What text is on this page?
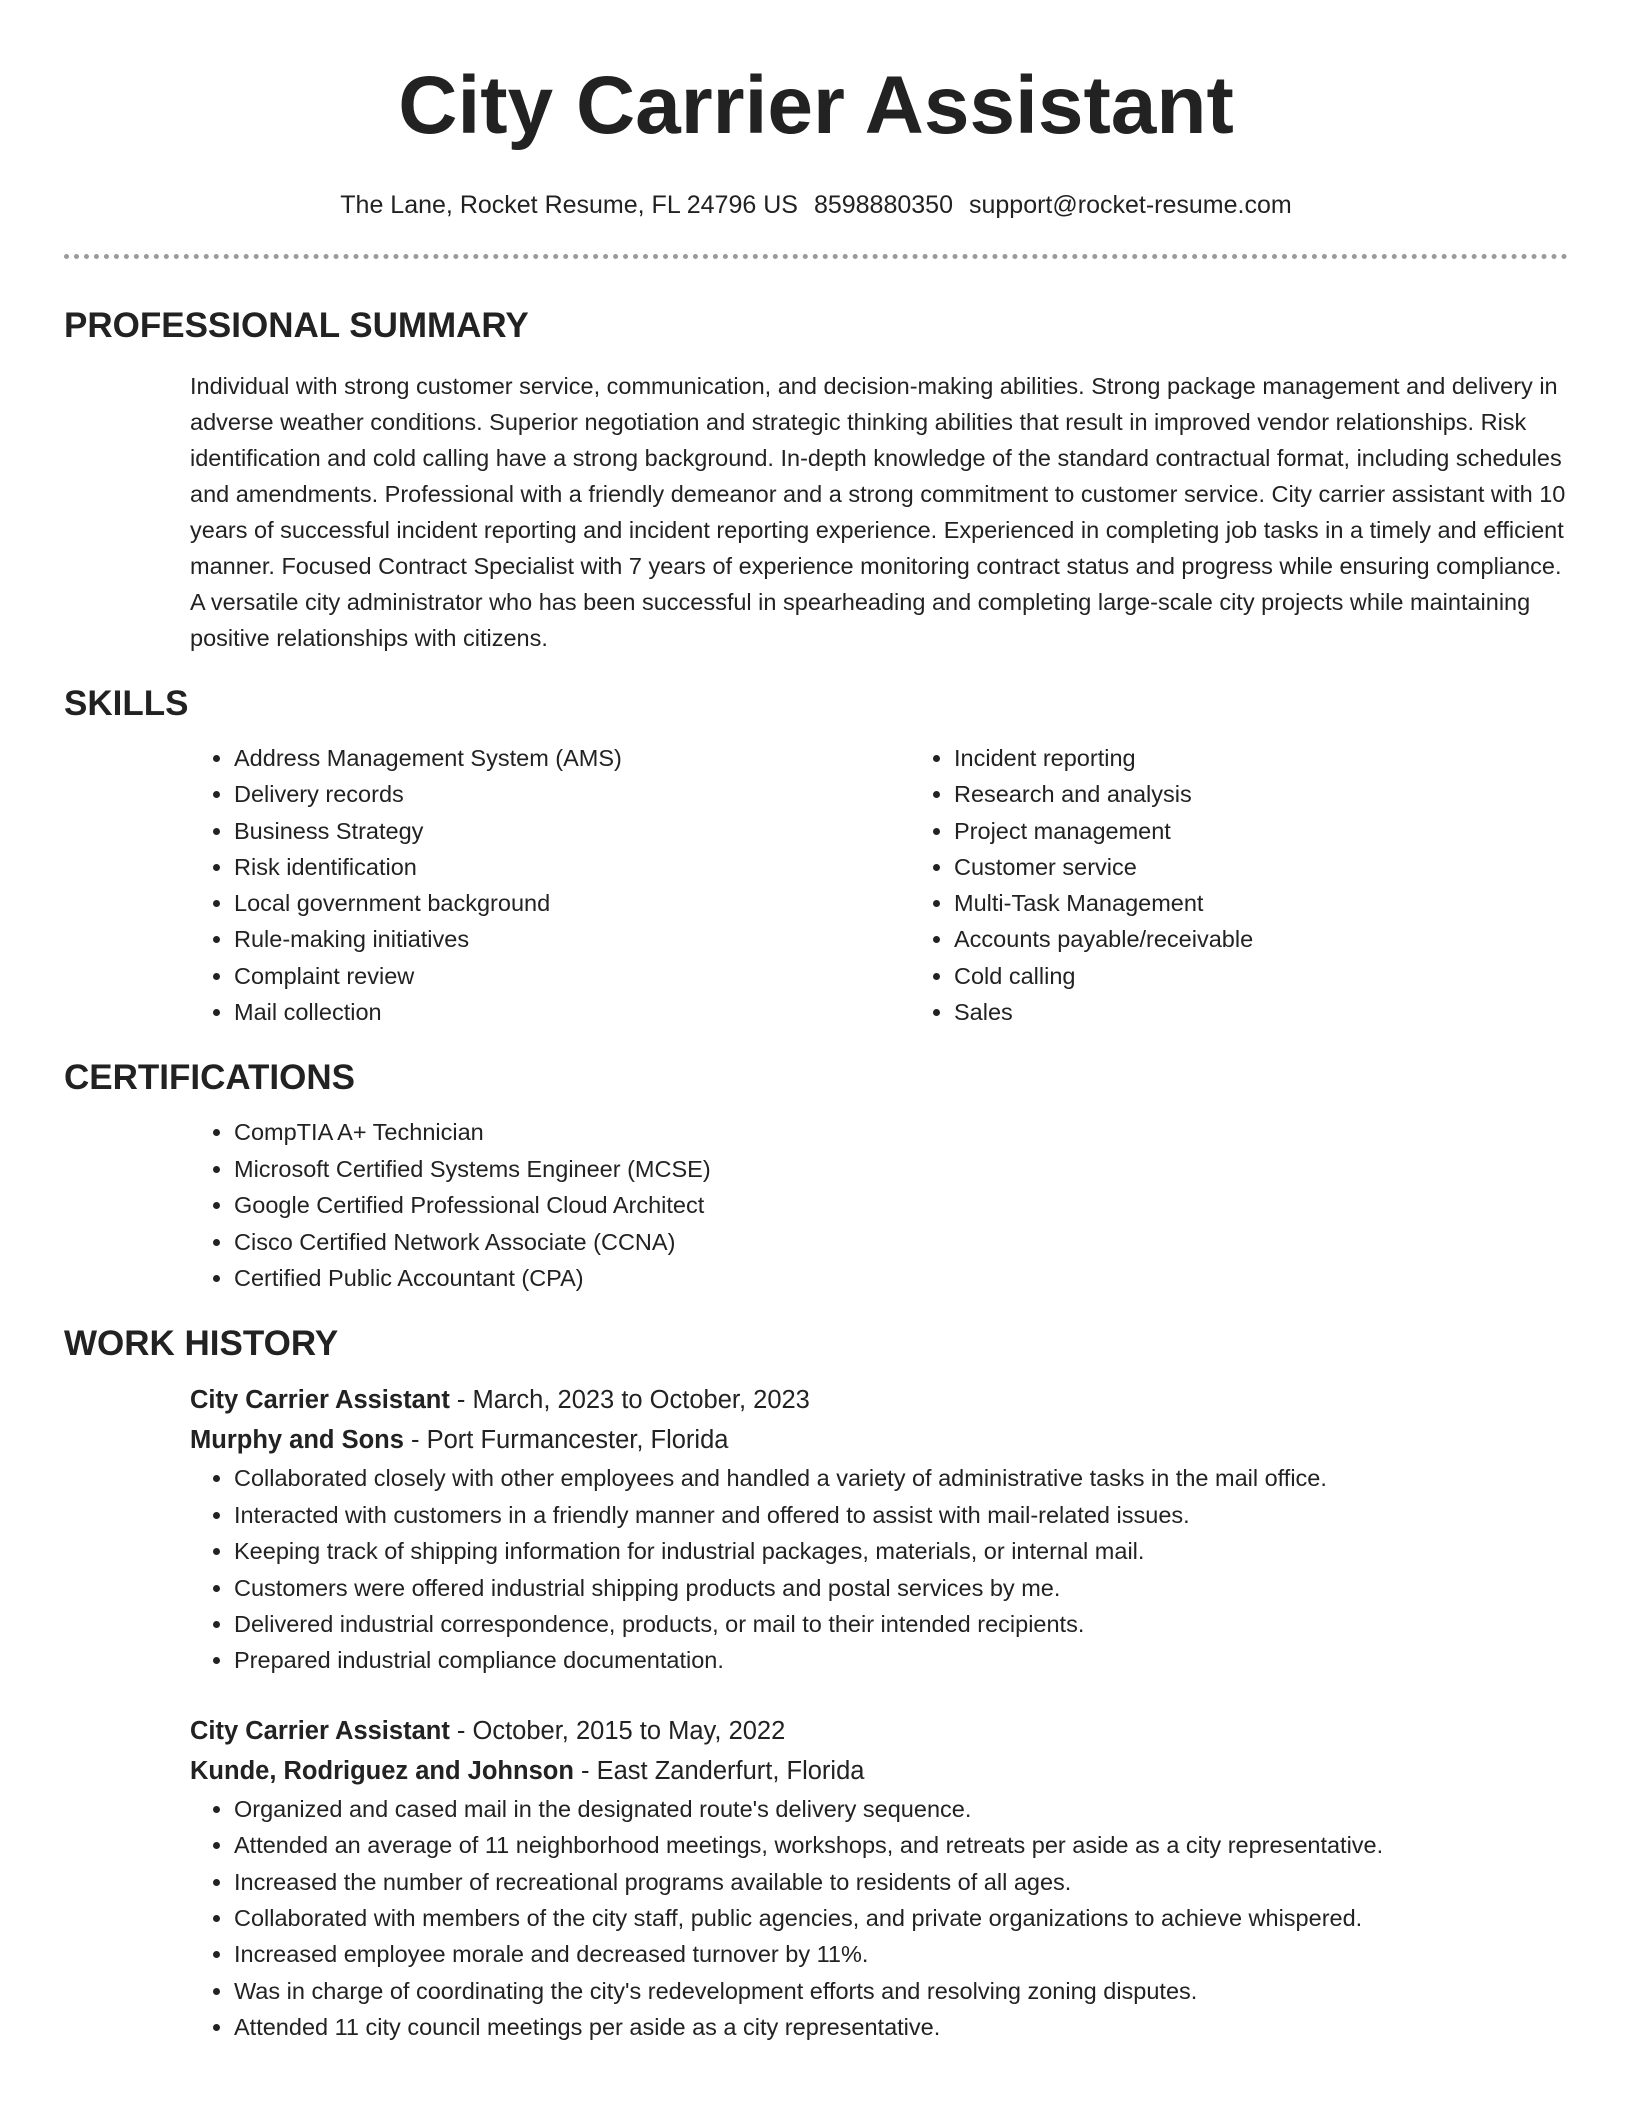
City Carrier Assistant
The Lane, Rocket Resume, FL 24796 US 8598880350 support@rocket-resume.com
PROFESSIONAL SUMMARY
Individual with strong customer service, communication, and decision-making abilities. Strong package management and delivery in adverse weather conditions. Superior negotiation and strategic thinking abilities that result in improved vendor relationships. Risk identification and cold calling have a strong background. In-depth knowledge of the standard contractual format, including schedules and amendments. Professional with a friendly demeanor and a strong commitment to customer service. City carrier assistant with 10 years of successful incident reporting and incident reporting experience. Experienced in completing job tasks in a timely and efficient manner. Focused Contract Specialist with 7 years of experience monitoring contract status and progress while ensuring compliance. A versatile city administrator who has been successful in spearheading and completing large-scale city projects while maintaining positive relationships with citizens.
SKILLS
• Address Management System (AMS)
• Delivery records
• Business Strategy
• Risk identification
• Local government background
• Rule-making initiatives
• Complaint review
• Mail collection
• Incident reporting
• Research and analysis
• Project management
• Customer service
• Multi-Task Management
• Accounts payable/receivable
• Cold calling
• Sales
CERTIFICATIONS
• CompTIA A+ Technician
• Microsoft Certified Systems Engineer (MCSE)
• Google Certified Professional Cloud Architect
• Cisco Certified Network Associate (CCNA)
• Certified Public Accountant (CPA)
WORK HISTORY
City Carrier Assistant - March, 2023 to October, 2023
Murphy and Sons - Port Furmancester, Florida
• Collaborated closely with other employees and handled a variety of administrative tasks in the mail office.
• Interacted with customers in a friendly manner and offered to assist with mail-related issues.
• Keeping track of shipping information for industrial packages, materials, or internal mail.
• Customers were offered industrial shipping products and postal services by me.
• Delivered industrial correspondence, products, or mail to their intended recipients.
• Prepared industrial compliance documentation.
City Carrier Assistant - October, 2015 to May, 2022
Kunde, Rodriguez and Johnson - East Zanderfurt, Florida
• Organized and cased mail in the designated route's delivery sequence.
• Attended an average of 11 neighborhood meetings, workshops, and retreats per aside as a city representative.
• Increased the number of recreational programs available to residents of all ages.
• Collaborated with members of the city staff, public agencies, and private organizations to achieve whispered.
• Increased employee morale and decreased turnover by 11%.
• Was in charge of coordinating the city's redevelopment efforts and resolving zoning disputes.
• Attended 11 city council meetings per aside as a city representative.
